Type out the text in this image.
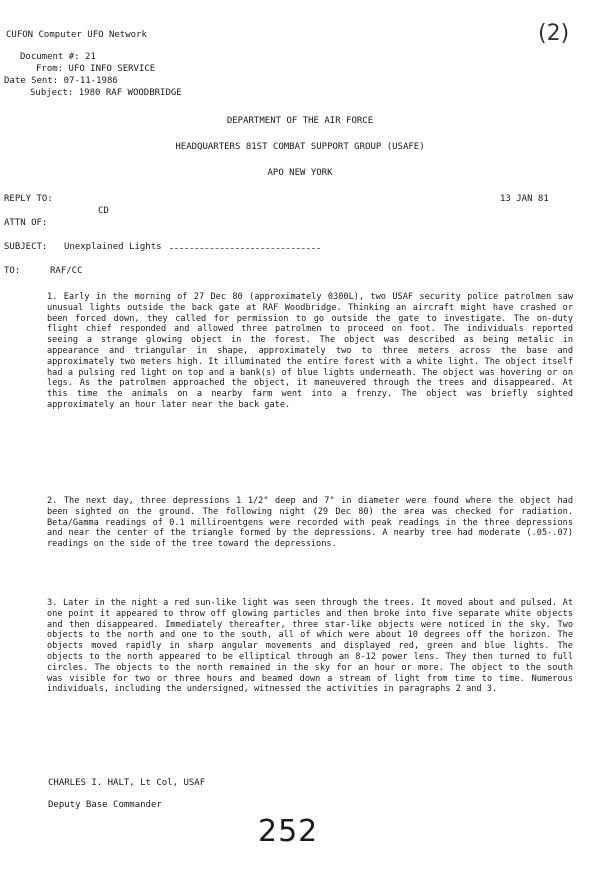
CUFON Computer UFO Network
Document #: 21
From: UFO INFO SERVICE
Date Sent: 07-11-1986
Subject: 1980 RAF WOODBRIDGE
(2)
DEPARTMENT OF THE AIR FORCE
HEADQUARTERS 81ST COMBAT SUPPORT GROUP (USAFE)
APO NEW YORK
REPLY TO:	13 JAN 81
CD
ATTN OF:
SUBJECT: Unexplained Lights
TO:	RAF/CC
1. Early in the morning of 27 Dec 80 (approximately 0300L), two USAF security police patrolmen saw unusual lights outside the back gate at RAF Woodbridge. Thinking an aircraft might have crashed or been forced down, they called for permission to go outside the gate to investigate. The on-duty flight chief responded and allowed three patrolmen to proceed on foot. The individuals reported seeing a strange glowing object in the forest. The object was described as being metalic in appearance and triangular in shape, approximately two to three meters across the base and approximately two meters high. It illuminated the entire forest with a white light. The object itself had a pulsing red light on top and a bank(s) of blue lights underneath. The object was hovering or on legs. As the patrolmen approached the object, it maneuvered through the trees and disappeared. At this time the animals on a nearby farm went into a frenzy. The object was briefly sighted approximately an hour later near the back gate.
2. The next day, three depressions 1 1/2" deep and 7" in diameter were found where the object had been sighted on the ground. The following night (29 Dec 80) the area was checked for radiation. Beta/Gamma readings of 0.1 milliroentgens were recorded with peak readings in the three depressions and near the center of the triangle formed by the depressions. A nearby tree had moderate (.05-.07) readings on the side of the tree toward the depressions.
3. Later in the night a red sun-like light was seen through the trees. It moved about and pulsed. At one point it appeared to throw off glowing particles and then broke into five separate white objects and then disappeared. Immediately thereafter, three star-like objects were noticed in the sky. Two objects to the north and one to the south, all of which were about 10 degrees off the horizon. The objects moved rapidly in sharp angular movements and displayed red, green and blue lights. The objects to the north appeared to be elliptical through an 8-12 power lens. They then turned to full circles. The objects to the north remained in the sky for an hour or more. The object to the south was visible for two or three hours and beamed down a stream of light from time to time. Numerous individuals, including the undersigned, witnessed the activities in paragraphs 2 and 3.
CHARLES I. HALT, Lt Col, USAF
Deputy Base Commander
252
